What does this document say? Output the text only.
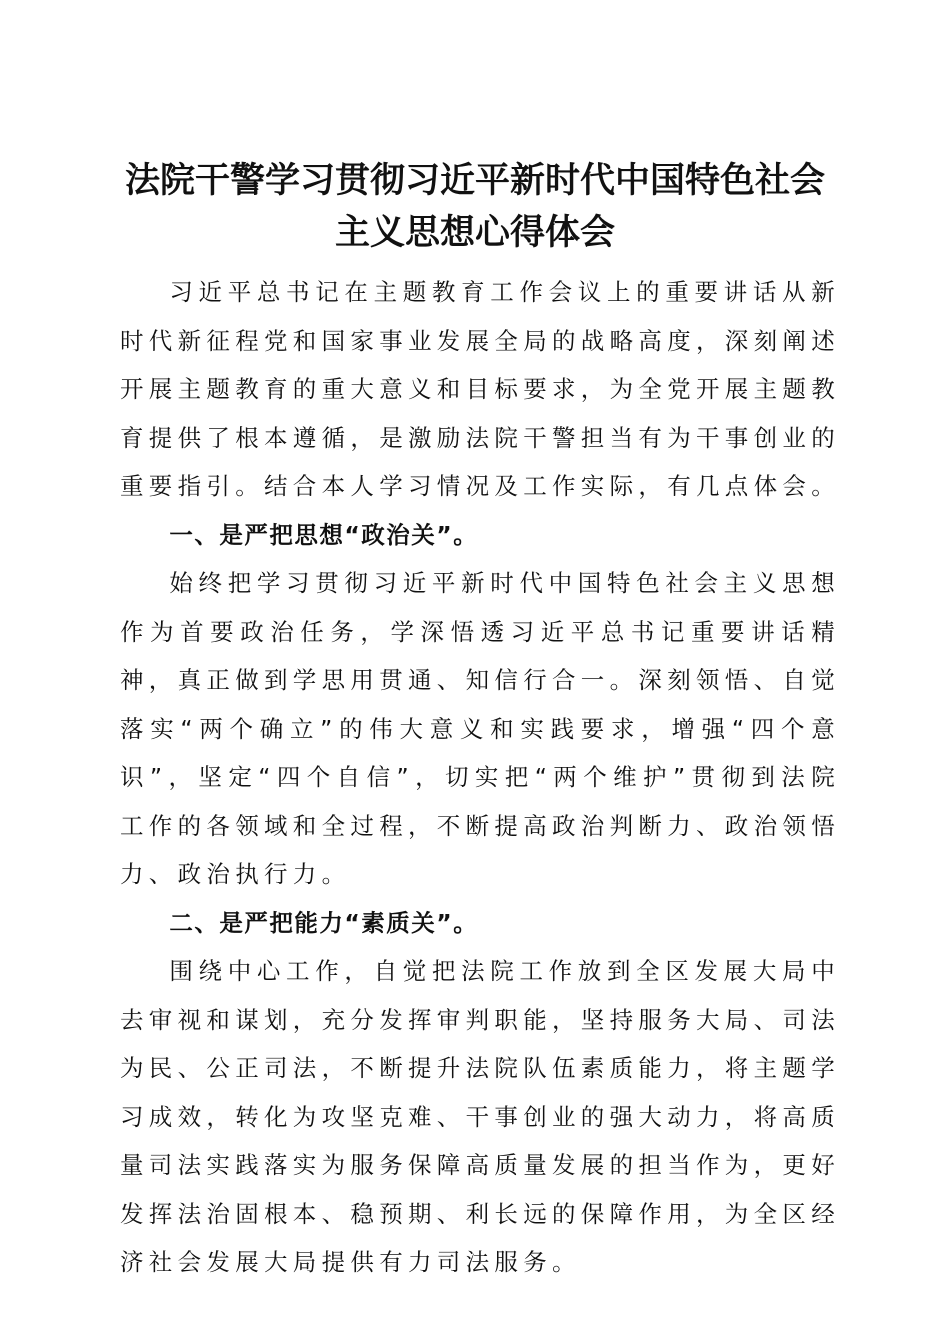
法院干警学习贯彻习近平新时代中国特色社会
主义思想心得体会

习近平总书记在主题教育工作会议上的重要讲话从新时代新征程党和国家事业发展全局的战略高度，深刻阐述开展主题教育的重大意义和目标要求，为全党开展主题教育提供了根本遵循，是激励法院干警担当有为干事创业的重要指引。结合本人学习情况及工作实际，有几点体会。

一、是严把思想“政治关”。

始终把学习贯彻习近平新时代中国特色社会主义思想作为首要政治任务，学深悟透习近平总书记重要讲话精神，真正做到学思用贯通、知信行合一。深刻领悟、自觉落实“两个确立”的伟大意义和实践要求，增强“四个意识”，坚定“四个自信”，切实把“两个维护”贯彻到法院工作的各领域和全过程，不断提高政治判断力、政治领悟力、政治执行力。

二、是严把能力“素质关”。

围绕中心工作，自觉把法院工作放到全区发展大局中去审视和谋划，充分发挥审判职能，坚持服务大局、司法为民、公正司法，不断提升法院队伍素质能力，将主题学习成效，转化为攻坚克难、干事创业的强大动力，将高质量司法实践落实为服务保障高质量发展的担当作为，更好发挥法治固根本、稳预期、利长远的保障作用，为全区经济社会发展大局提供有力司法服务。
